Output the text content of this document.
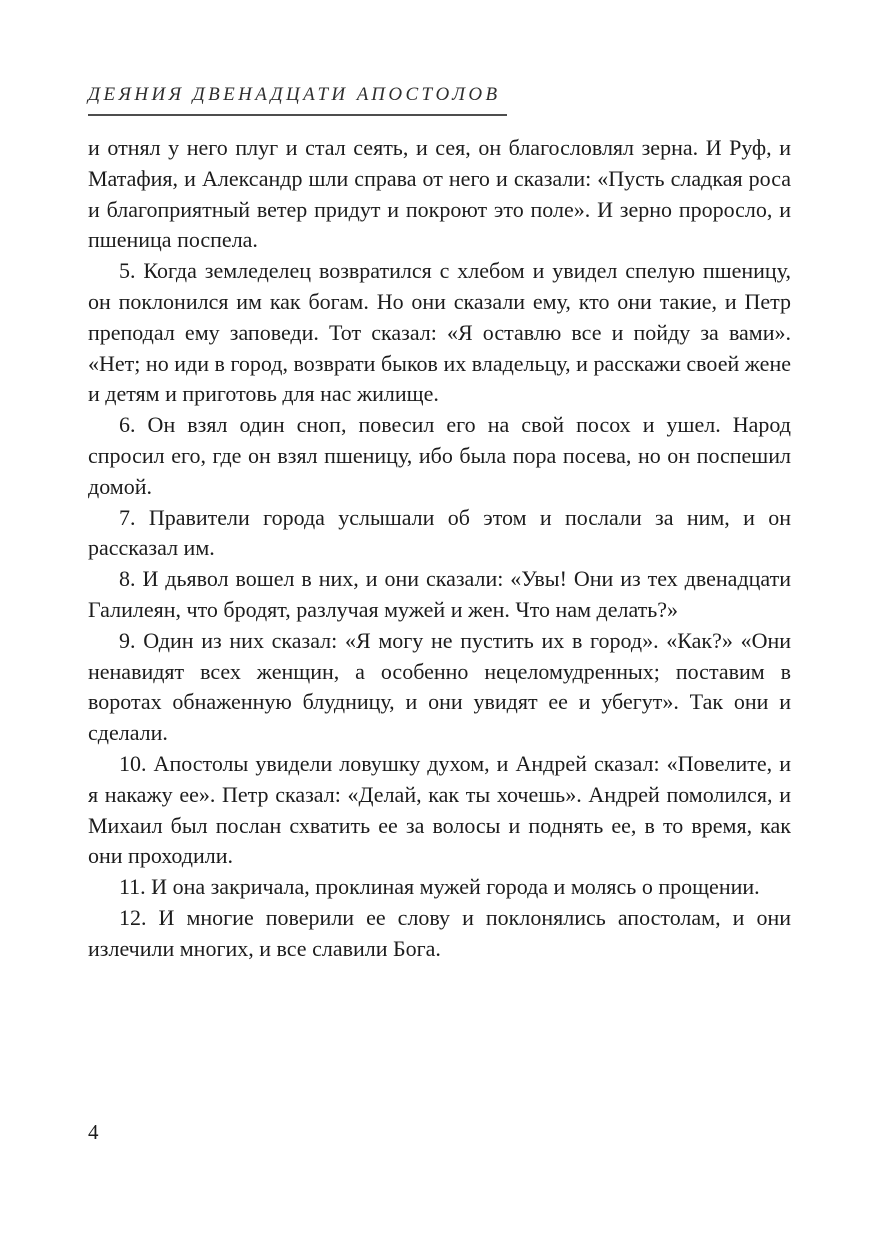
ДЕЯНИЯ ДВЕНАДЦАТИ АПОСТОЛОВ

и отнял у него плуг и стал сеять, и сея, он благословлял зерна. И Руф, и Матафия, и Александр шли справа от него и сказали: «Пусть сладкая роса и благоприятный ветер придут и покроют это поле». И зерно проросло, и пшеница поспела.

5. Когда земледелец возвратился с хлебом и увидел спелую пшеницу, он поклонился им как богам. Но они сказали ему, кто они такие, и Петр преподал ему заповеди. Тот сказал: «Я оставлю все и пойду за вами». «Нет; но иди в город, возврати быков их владельцу, и расскажи своей жене и детям и приготовь для нас жилище.

6. Он взял один сноп, повесил его на свой посох и ушел. Народ спросил его, где он взял пшеницу, ибо была пора посева, но он поспешил домой.

7. Правители города услышали об этом и послали за ним, и он рассказал им.

8. И дьявол вошел в них, и они сказали: «Увы! Они из тех двенадцати Галилеян, что бродят, разлучая мужей и жен. Что нам делать?»

9. Один из них сказал: «Я могу не пустить их в город». «Как?» «Они ненавидят всех женщин, а особенно нецеломудренных; поставим в воротах обнаженную блудницу, и они увидят ее и убегут». Так они и сделали.

10. Апостолы увидели ловушку духом, и Андрей сказал: «Повелите, и я накажу ее». Петр сказал: «Делай, как ты хочешь». Андрей помолился, и Михаил был послан схватить ее за волосы и поднять ее, в то время, как они проходили.

11. И она закричала, проклиная мужей города и молясь о прощении.

12. И многие поверили ее слову и поклонялись апостолам, и они излечили многих, и все славили Бога.

4
